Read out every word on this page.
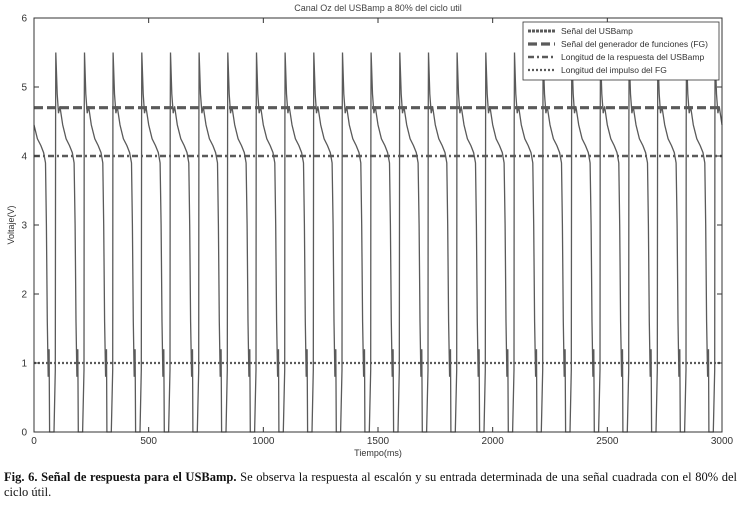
0	500	1000	1500	2000	2500	3000
0
1
2
3
4
5
6
Canal Oz del USBamp a 80% del ciclo util
Tiempo(ms)
Voltaje(V)
Señal del USBamp
Señal del generador de funciones (FG)
Longitud de la respuesta del USBamp
Longitud del impulso del FG
Fig. 6. Señal de respuesta para el USBamp. Se observa la respuesta al escalón y su entrada determinada de una señal cuadrada con el 80% del ciclo útil.
